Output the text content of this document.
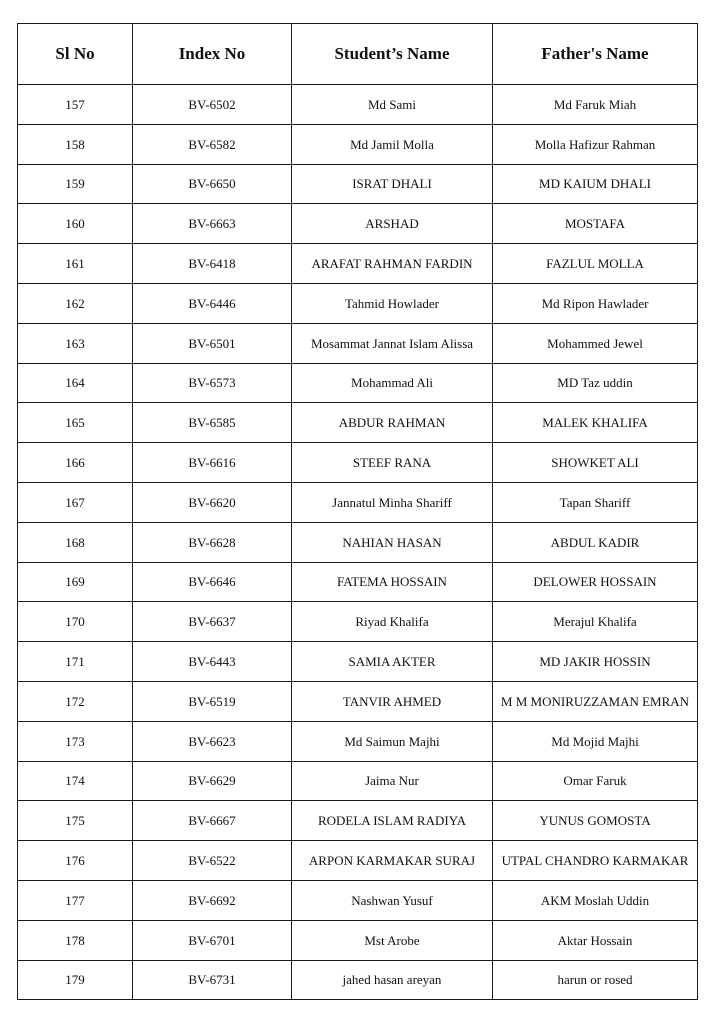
Sl No	Index No	Student’s Name	Father's Name
157	BV-6502	Md Sami	Md Faruk Miah
158	BV-6582	Md Jamil Molla	Molla Hafizur Rahman
159	BV-6650	ISRAT DHALI	MD KAIUM DHALI
160	BV-6663	ARSHAD	MOSTAFA
161	BV-6418	ARAFAT RAHMAN FARDIN	FAZLUL MOLLA
162	BV-6446	Tahmid Howlader	Md Ripon Hawlader
163	BV-6501	Mosammat Jannat Islam Alissa	Mohammed Jewel
164	BV-6573	Mohammad Ali	MD Taz uddin
165	BV-6585	ABDUR RAHMAN	MALEK KHALIFA
166	BV-6616	STEEF RANA	SHOWKET ALI
167	BV-6620	Jannatul Minha Shariff	Tapan Shariff
168	BV-6628	NAHIAN HASAN	ABDUL KADIR
169	BV-6646	FATEMA HOSSAIN	DELOWER HOSSAIN
170	BV-6637	Riyad Khalifa	Merajul Khalifa
171	BV-6443	SAMIA AKTER	MD JAKIR HOSSIN
172	BV-6519	TANVIR AHMED	M M MONIRUZZAMAN EMRAN
173	BV-6623	Md Saimun Majhi	Md Mojid Majhi
174	BV-6629	Jaima Nur	Omar Faruk
175	BV-6667	RODELA ISLAM RADIYA	YUNUS GOMOSTA
176	BV-6522	ARPON KARMAKAR SURAJ	UTPAL CHANDRO KARMAKAR
177	BV-6692	Nashwan Yusuf	AKM Moslah Uddin
178	BV-6701	Mst Arobe	Aktar Hossain
179	BV-6731	jahed hasan areyan	harun or rosed
